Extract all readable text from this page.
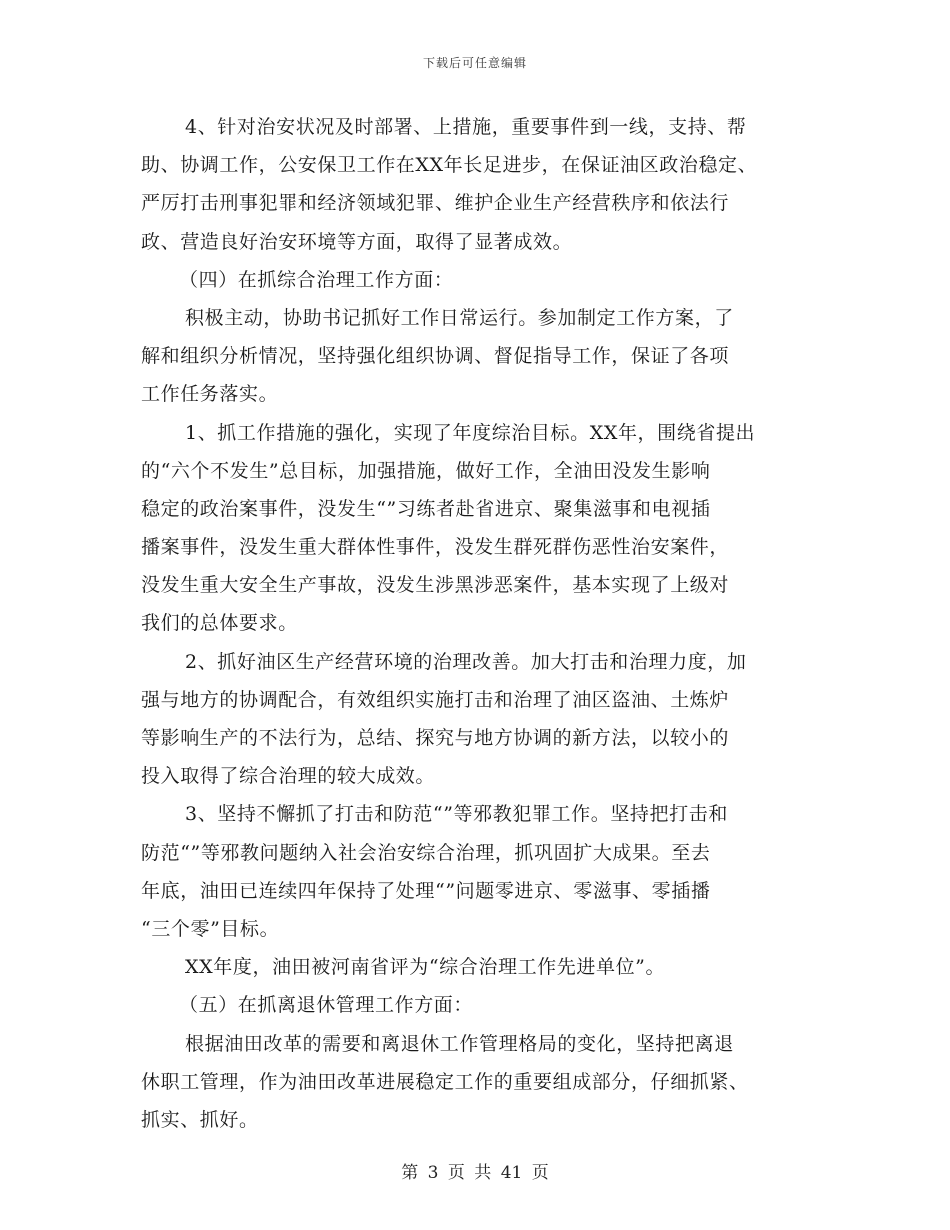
下载后可任意编辑
4、针对治安状况及时部署、上措施，重要事件到一线，支持、帮
助、协调工作，公安保卫工作在XX年长足进步，在保证油区政治稳定、
严厉打击刑事犯罪和经济领域犯罪、维护企业生产经营秩序和依法行
政、营造良好治安环境等方面，取得了显著成效。
（四）在抓综合治理工作方面：
积极主动，协助书记抓好工作日常运行。参加制定工作方案，了
解和组织分析情况，坚持强化组织协调、督促指导工作，保证了各项
工作任务落实。
1、抓工作措施的强化，实现了年度综治目标。XX年，围绕省提出
的“六个不发生”总目标，加强措施，做好工作，全油田没发生影响
稳定的政治案事件，没发生“”习练者赴省进京、聚集滋事和电视插
播案事件，没发生重大群体性事件，没发生群死群伤恶性治安案件，
没发生重大安全生产事故，没发生涉黑涉恶案件，基本实现了上级对
我们的总体要求。
2、抓好油区生产经营环境的治理改善。加大打击和治理力度，加
强与地方的协调配合，有效组织实施打击和治理了油区盗油、土炼炉
等影响生产的不法行为，总结、探究与地方协调的新方法，以较小的
投入取得了综合治理的较大成效。
3、坚持不懈抓了打击和防范“”等邪教犯罪工作。坚持把打击和
防范“”等邪教问题纳入社会治安综合治理，抓巩固扩大成果。至去
年底，油田已连续四年保持了处理“”问题零进京、零滋事、零插播
“三个零”目标。
XX年度，油田被河南省评为“综合治理工作先进单位”。
（五）在抓离退休管理工作方面：
根据油田改革的需要和离退休工作管理格局的变化，坚持把离退
休职工管理，作为油田改革进展稳定工作的重要组成部分，仔细抓紧、
抓实、抓好。
第 3 页 共 41 页
